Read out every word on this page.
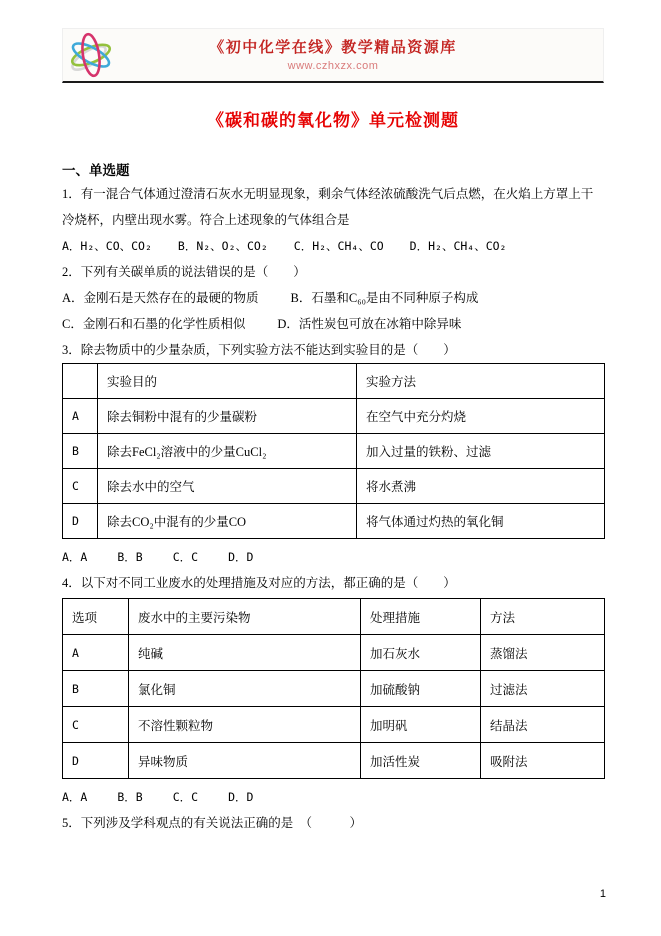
《初中化学在线》教学精品资源库
www.czhxzx.com
《碳和碳的氧化物》单元检测题
一、单选题

1．有一混合气体通过澄清石灰水无明显现象，剩余气体经浓硫酸洗气后点燃，在火焰上方罩上干冷烧杯，内壁出现水雾。符合上述现象的气体组合是

A．H₂、CO、CO₂ B．N₂、O₂、CO₂ C．H₂、CH₄、CO D．H₂、CH₄、CO₂

2．下列有关碳单质的说法错误的是（　　）

A．金刚石是天然存在的最硬的物质	B．石墨和C₆₀是由不同种原子构成
C．金刚石和石墨的化学性质相似	D．活性炭包可放在冰箱中除异味

3．除去物质中的少量杂质，下列实验方法不能达到实验目的是（　　）

	实验目的	实验方法
A	除去铜粉中混有的少量碳粉	在空气中充分灼烧
B	除去FeCl₂溶液中的少量CuCl₂	加入过量的铁粉、过滤
C	除去水中的空气	将水煮沸
D	除去CO₂中混有的少量CO	将气体通过灼热的氧化铜
A．A	B．B	C．C	D．D

4．以下对不同工业废水的处理措施及对应的方法，都正确的是（　　）

选项	废水中的主要污染物	处理措施	方法
A	纯碱	加石灰水	蒸馏法
B	氯化铜	加硫酸钠	过滤法
C	不溶性颗粒物	加明矾	结晶法
D	异味物质	加活性炭	吸附法
A．A	B．B	C．C	D．D

5．下列涉及学科观点的有关说法正确的是　（　　　）

1
